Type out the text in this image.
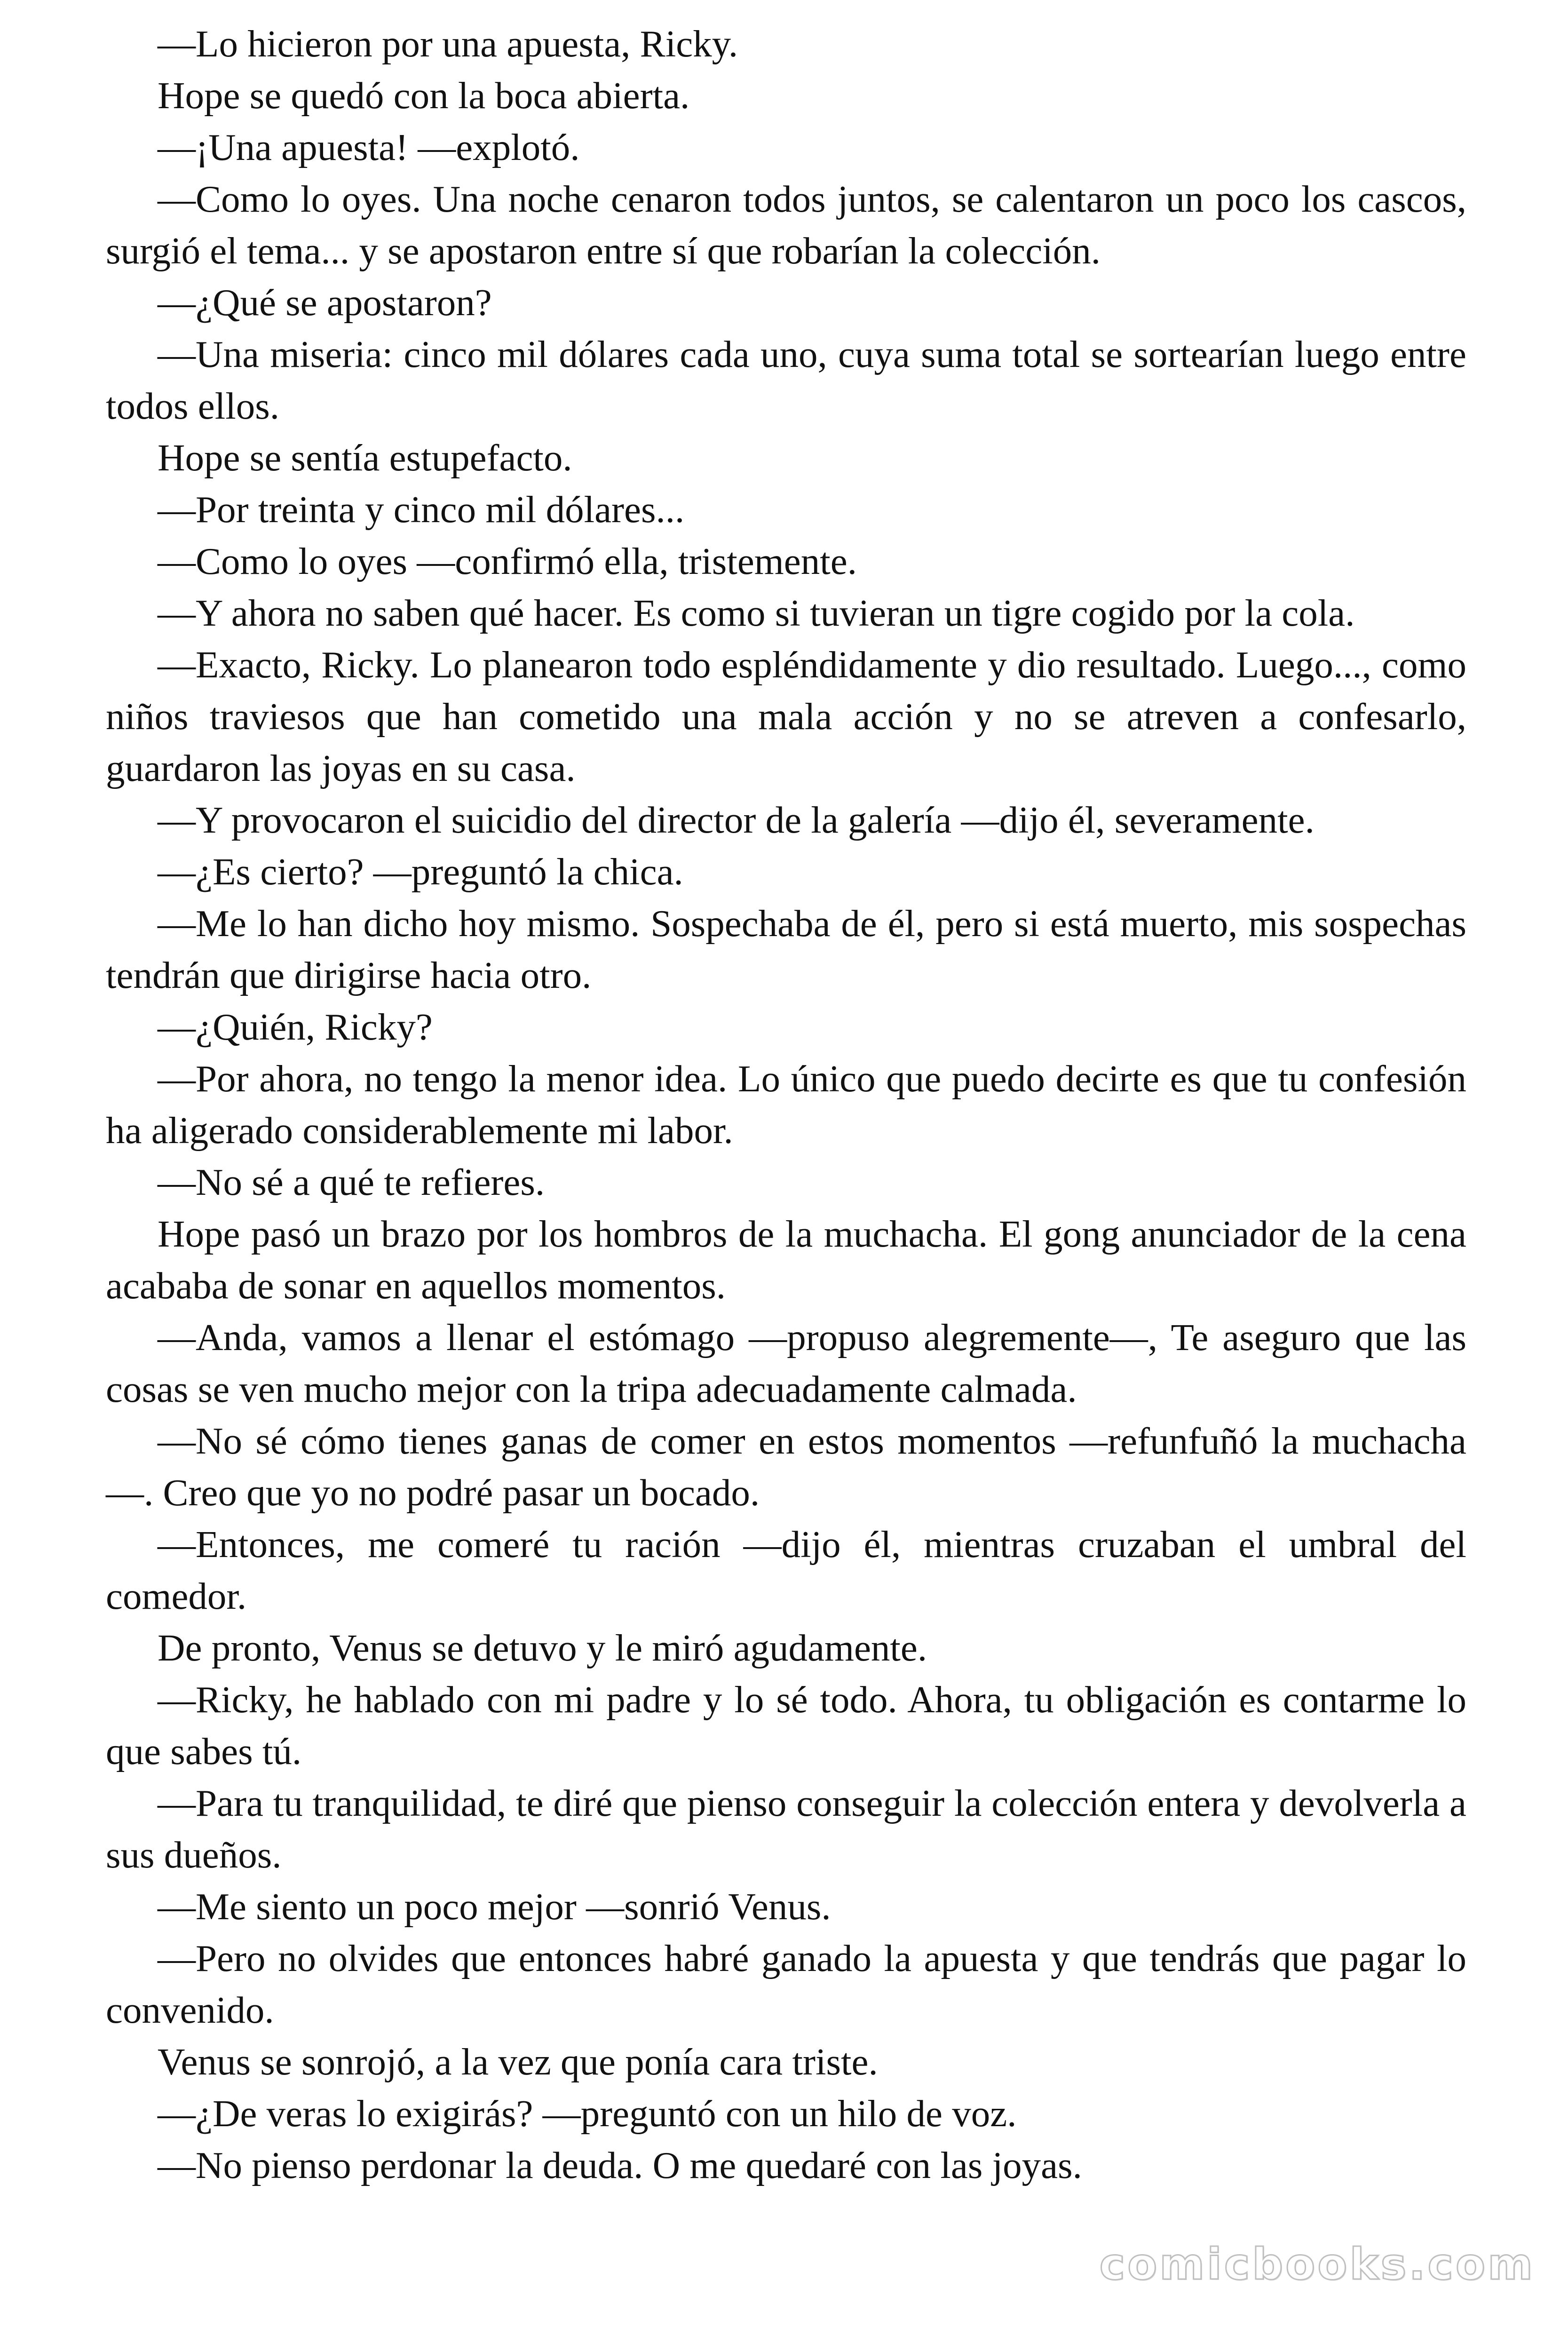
—Lo hicieron por una apuesta, Ricky.

Hope se quedó con la boca abierta.

—¡Una apuesta! —explotó.

—Como lo oyes. Una noche cenaron todos juntos, se calentaron un poco los cascos, surgió el tema... y se apostaron entre sí que robarían la colección.

—¿Qué se apostaron?

—Una miseria: cinco mil dólares cada uno, cuya suma total se sortearían luego entre todos ellos.

Hope se sentía estupefacto.

—Por treinta y cinco mil dólares...

—Como lo oyes —confirmó ella, tristemente.

—Y ahora no saben qué hacer. Es como si tuvieran un tigre cogido por la cola.

—Exacto, Ricky. Lo planearon todo espléndidamente y dio resultado. Luego..., como niños traviesos que han cometido una mala acción y no se atreven a confesarlo, guardaron las joyas en su casa.

—Y provocaron el suicidio del director de la galería —dijo él, severamente.

—¿Es cierto? —preguntó la chica.

—Me lo han dicho hoy mismo. Sospechaba de él, pero si está muerto, mis sospechas tendrán que dirigirse hacia otro.

—¿Quién, Ricky?

—Por ahora, no tengo la menor idea. Lo único que puedo decirte es que tu confesión ha aligerado considerablemente mi labor.

—No sé a qué te refieres.

Hope pasó un brazo por los hombros de la muchacha. El gong anunciador de la cena acababa de sonar en aquellos momentos.

—Anda, vamos a llenar el estómago —propuso alegremente—, Te aseguro que las cosas se ven mucho mejor con la tripa adecuadamente calmada.

—No sé cómo tienes ganas de comer en estos momentos —refunfuñó la muchacha—. Creo que yo no podré pasar un bocado.

—Entonces, me comeré tu ración —dijo él, mientras cruzaban el umbral del comedor.

De pronto, Venus se detuvo y le miró agudamente.

—Ricky, he hablado con mi padre y lo sé todo. Ahora, tu obligación es contarme lo que sabes tú.

—Para tu tranquilidad, te diré que pienso conseguir la colección entera y devolverla a sus dueños.

—Me siento un poco mejor —sonrió Venus.

—Pero no olvides que entonces habré ganado la apuesta y que tendrás que pagar lo convenido.

Venus se sonrojó, a la vez que ponía cara triste.

—¿De veras lo exigirás? —preguntó con un hilo de voz.

—No pienso perdonar la deuda. O me quedaré con las joyas.

comicbooks.com
